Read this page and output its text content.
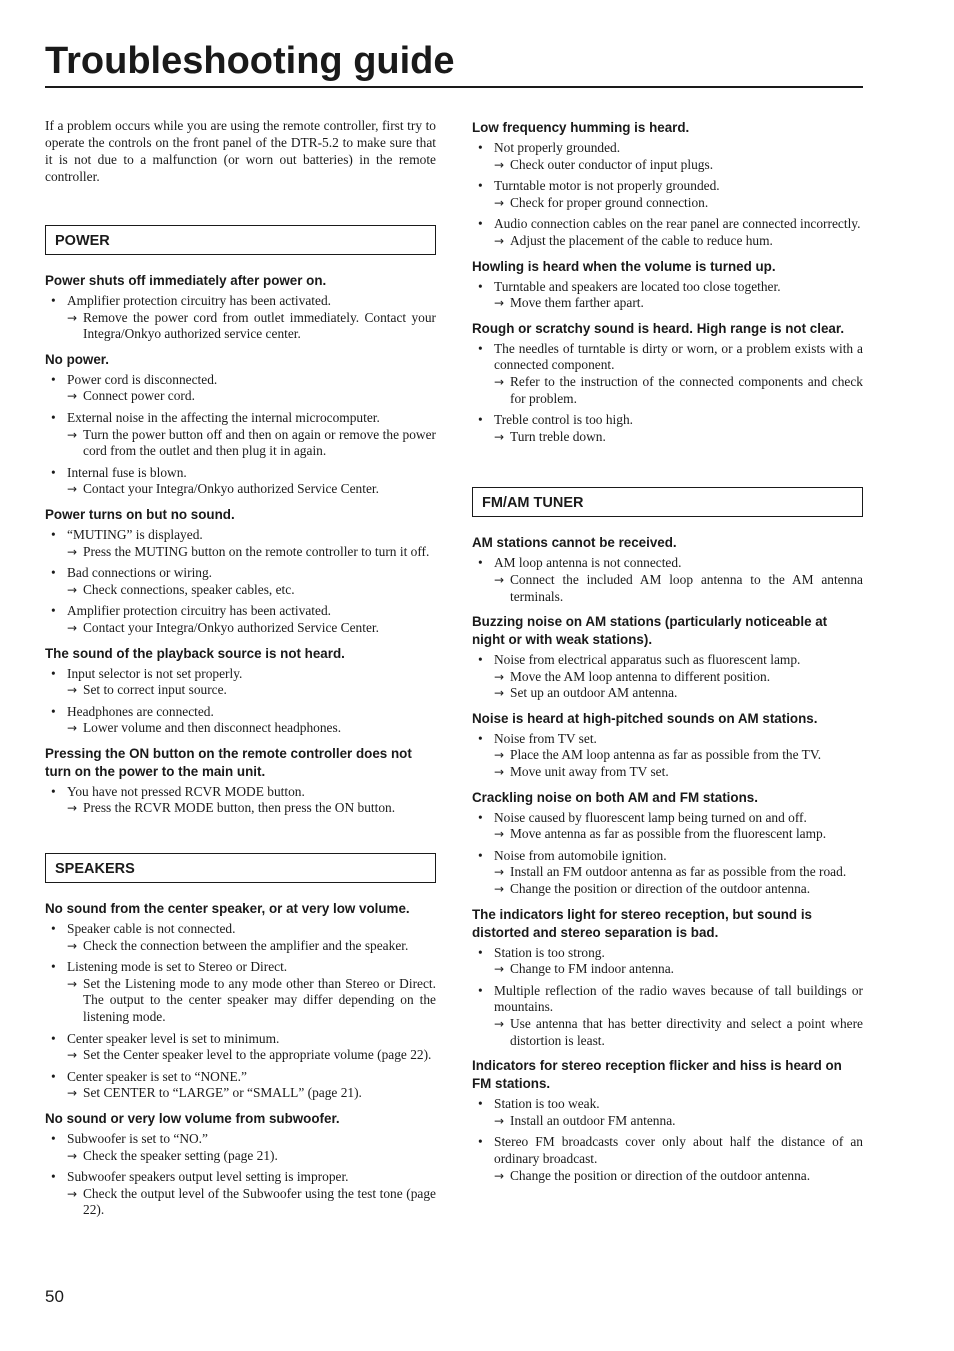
Troubleshooting guide

If a problem occurs while you are using the remote controller, first try to operate the controls on the front panel of the DTR-5.2 to make sure that it is not due to a malfunction (or worn out batteries) in the remote controller.

POWER
Power shuts off immediately after power on.
• Amplifier protection circuitry has been activated.
→ Remove the power cord from outlet immediately. Contact your Integra/Onkyo authorized service center.
No power.
• Power cord is disconnected.
→ Connect power cord.
• External noise in the affecting the internal microcomputer.
→ Turn the power button off and then on again or remove the power cord from the outlet and then plug it in again.
• Internal fuse is blown.
→ Contact your Integra/Onkyo authorized Service Center.
Power turns on but no sound.
• “MUTING” is displayed.
→ Press the MUTING button on the remote controller to turn it off.
• Bad connections or wiring.
→ Check connections, speaker cables, etc.
• Amplifier protection circuitry has been activated.
→ Contact your Integra/Onkyo authorized Service Center.
The sound of the playback source is not heard.
• Input selector is not set properly.
→ Set to correct input source.
• Headphones are connected.
→ Lower volume and then disconnect headphones.
Pressing the ON button on the remote controller does not turn on the power to the main unit.
• You have not pressed RCVR MODE button.
→ Press the RCVR MODE button, then press the ON button.
SPEAKERS
No sound from the center speaker, or at very low volume.
• Speaker cable is not connected.
→ Check the connection between the amplifier and the speaker.
• Listening mode is set to Stereo or Direct.
→ Set the Listening mode to any mode other than Stereo or Direct. The output to the center speaker may differ depending on the listening mode.
• Center speaker level is set to minimum.
→ Set the Center speaker level to the appropriate volume (page 22).
• Center speaker is set to “NONE.”
→ Set CENTER to “LARGE” or “SMALL” (page 21).
No sound or very low volume from subwoofer.
• Subwoofer is set to “NO.”
→ Check the speaker setting (page 21).
• Subwoofer speakers output level setting is improper.
→ Check the output level of the Subwoofer using the test tone (page 22).
Low frequency humming is heard.
• Not properly grounded.
→ Check outer conductor of input plugs.
• Turntable motor is not properly grounded.
→ Check for proper ground connection.
• Audio connection cables on the rear panel are connected incorrectly.
→ Adjust the placement of the cable to reduce hum.
Howling is heard when the volume is turned up.
• Turntable and speakers are located too close together.
→ Move them farther apart.
Rough or scratchy sound is heard. High range is not clear.
• The needles of turntable is dirty or worn, or a problem exists with a connected component.
→ Refer to the instruction of the connected components and check for problem.
• Treble control is too high.
→ Turn treble down.
FM/AM TUNER
AM stations cannot be received.
• AM loop antenna is not connected.
→ Connect the included AM loop antenna to the AM antenna terminals.
Buzzing noise on AM stations (particularly noticeable at night or with weak stations).
• Noise from electrical apparatus such as fluorescent lamp.
→ Move the AM loop antenna to different position.
→ Set up an outdoor AM antenna.
Noise is heard at high-pitched sounds on AM stations.
• Noise from TV set.
→ Place the AM loop antenna as far as possible from the TV.
→ Move unit away from TV set.
Crackling noise on both AM and FM stations.
• Noise caused by fluorescent lamp being turned on and off.
→ Move antenna as far as possible from the fluorescent lamp.
• Noise from automobile ignition.
→ Install an FM outdoor antenna as far as possible from the road.
→ Change the position or direction of the outdoor antenna.
The indicators light for stereo reception, but sound is distorted and stereo separation is bad.
• Station is too strong.
→ Change to FM indoor antenna.
• Multiple reflection of the radio waves because of tall buildings or mountains.
→ Use antenna that has better directivity and select a point where distortion is least.
Indicators for stereo reception flicker and hiss is heard on FM stations.
• Station is too weak.
→ Install an outdoor FM antenna.
• Stereo FM broadcasts cover only about half the distance of an ordinary broadcast.
→ Change the position or direction of the outdoor antenna.
50
